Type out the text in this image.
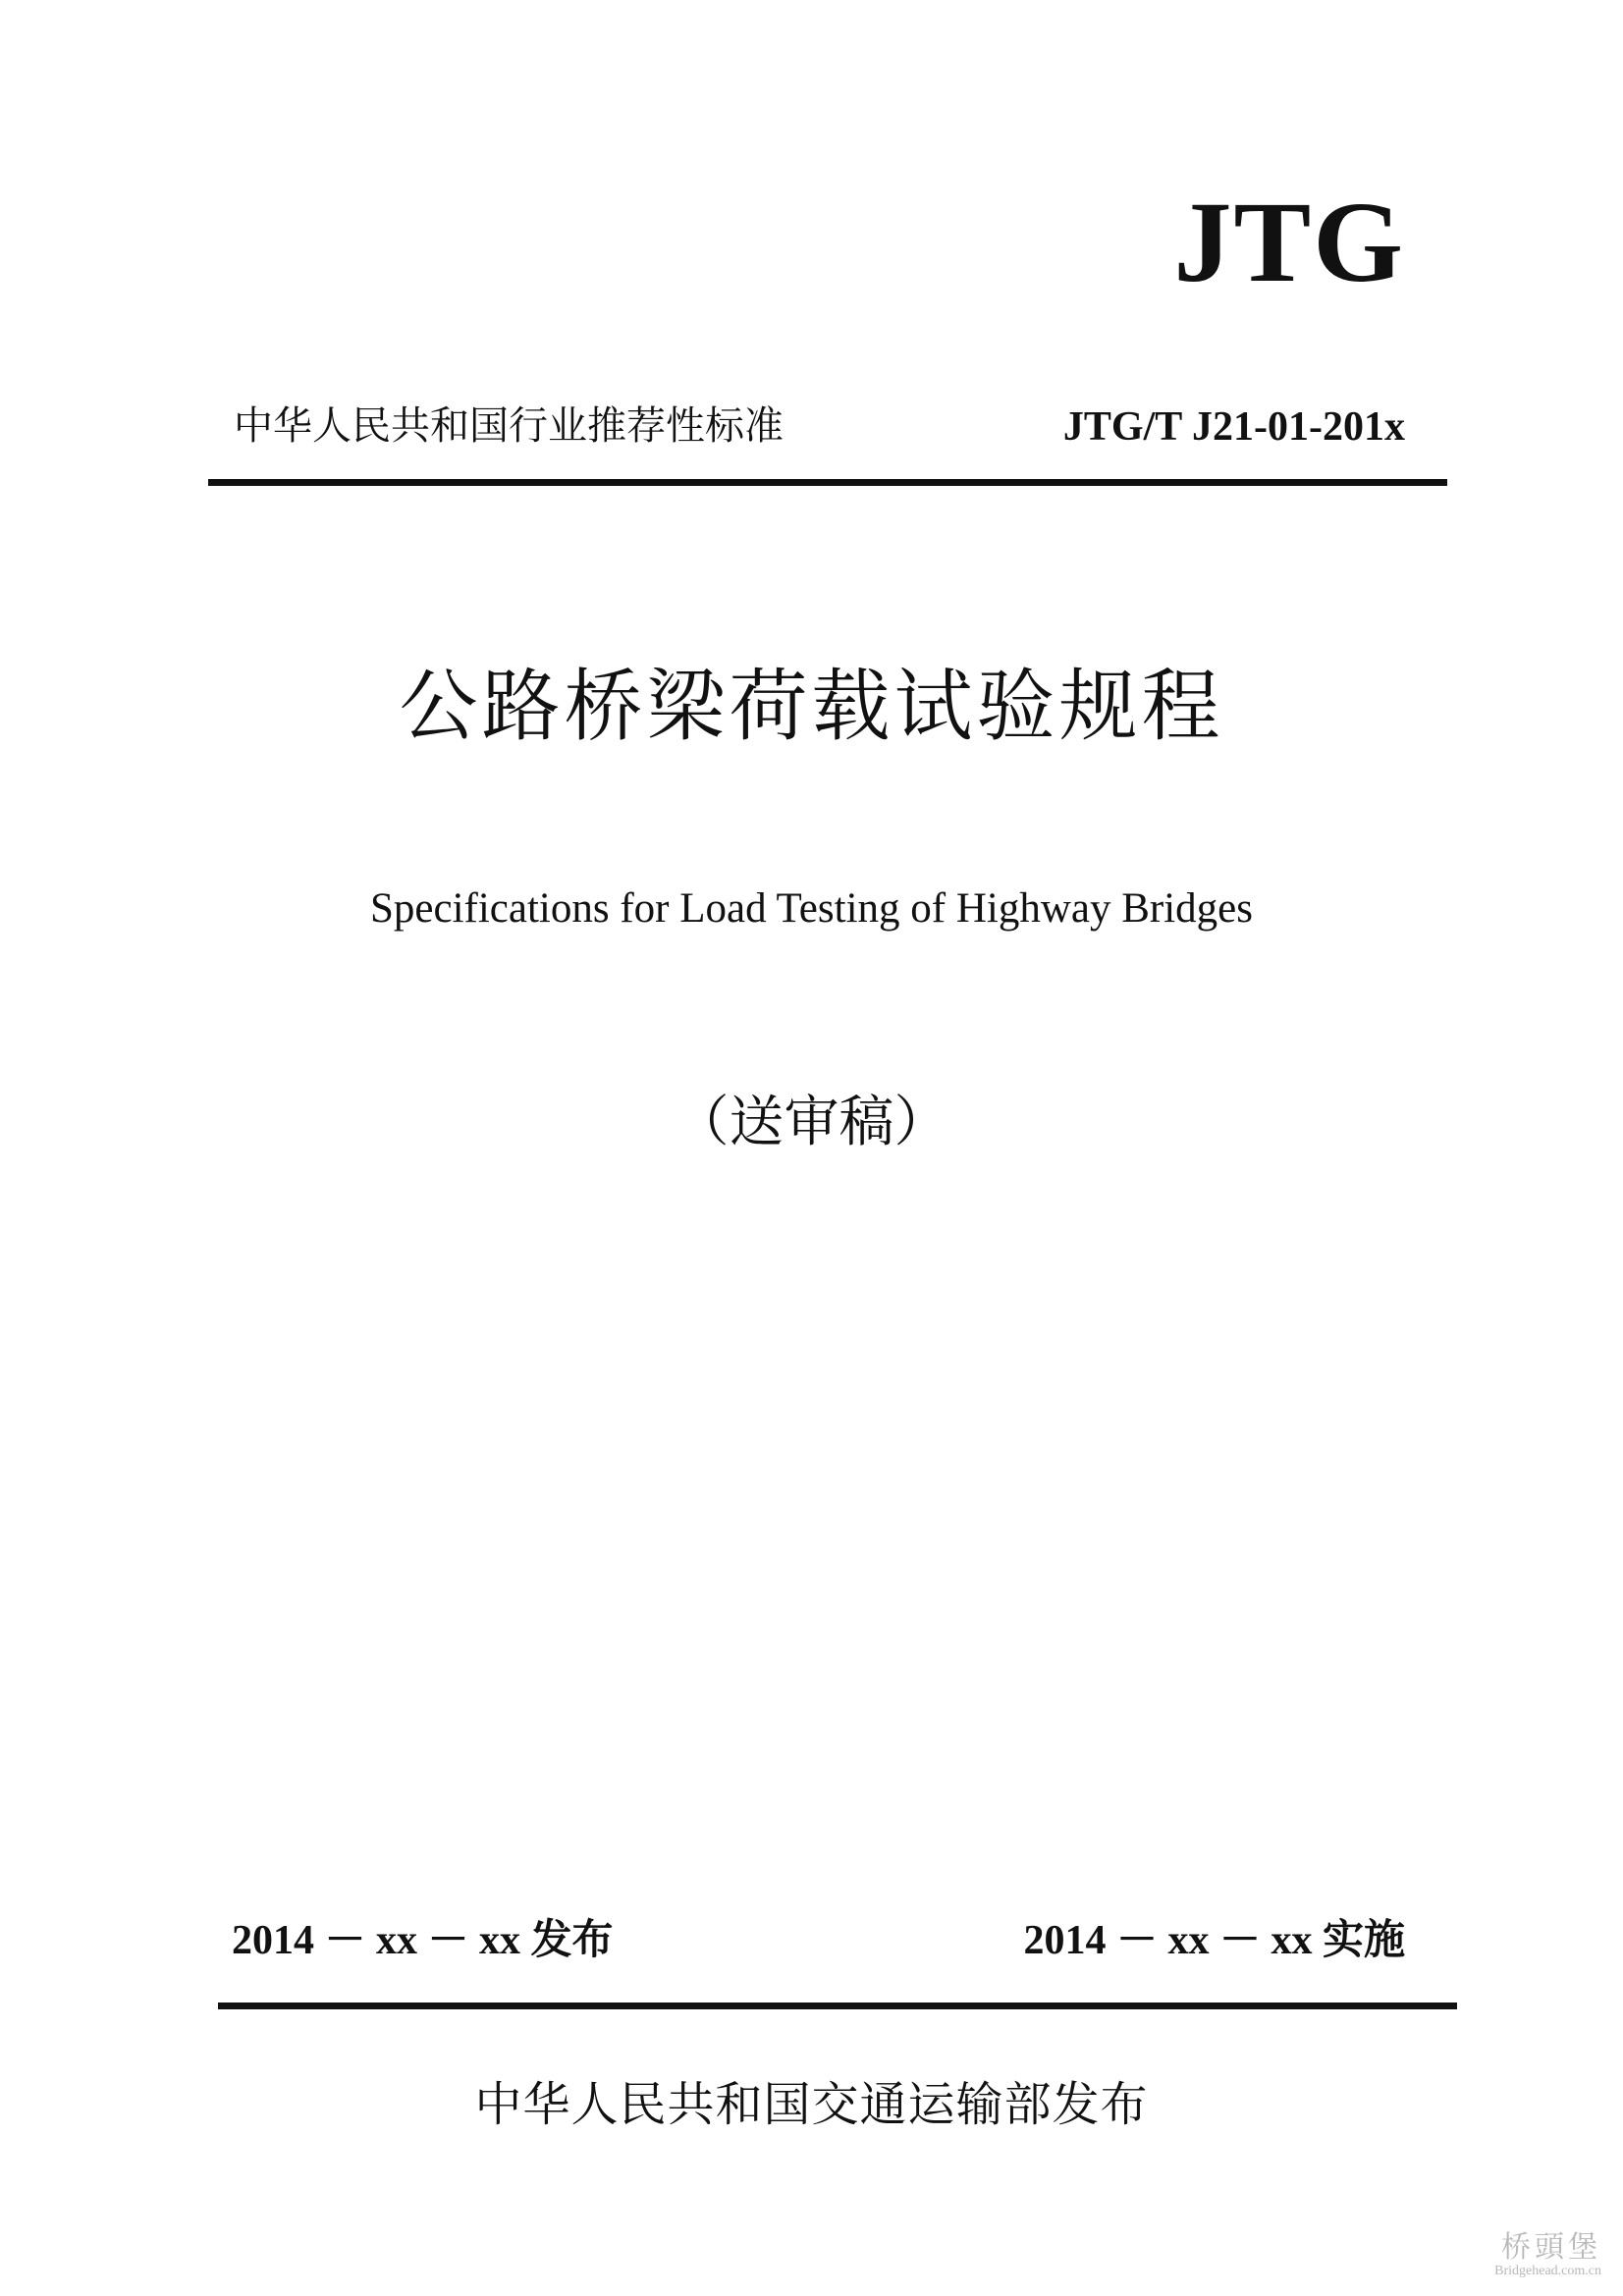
JTG
中华人民共和国行业推荐性标准	JTG/T J21-01-201x
公路桥梁荷载试验规程
Specifications for Load Testing of Highway Bridges
（送审稿）
2014 － xx － xx 发布	2014 － xx － xx 实施
中华人民共和国交通运输部发布
桥頭堡
Bridgehead.com.cn
